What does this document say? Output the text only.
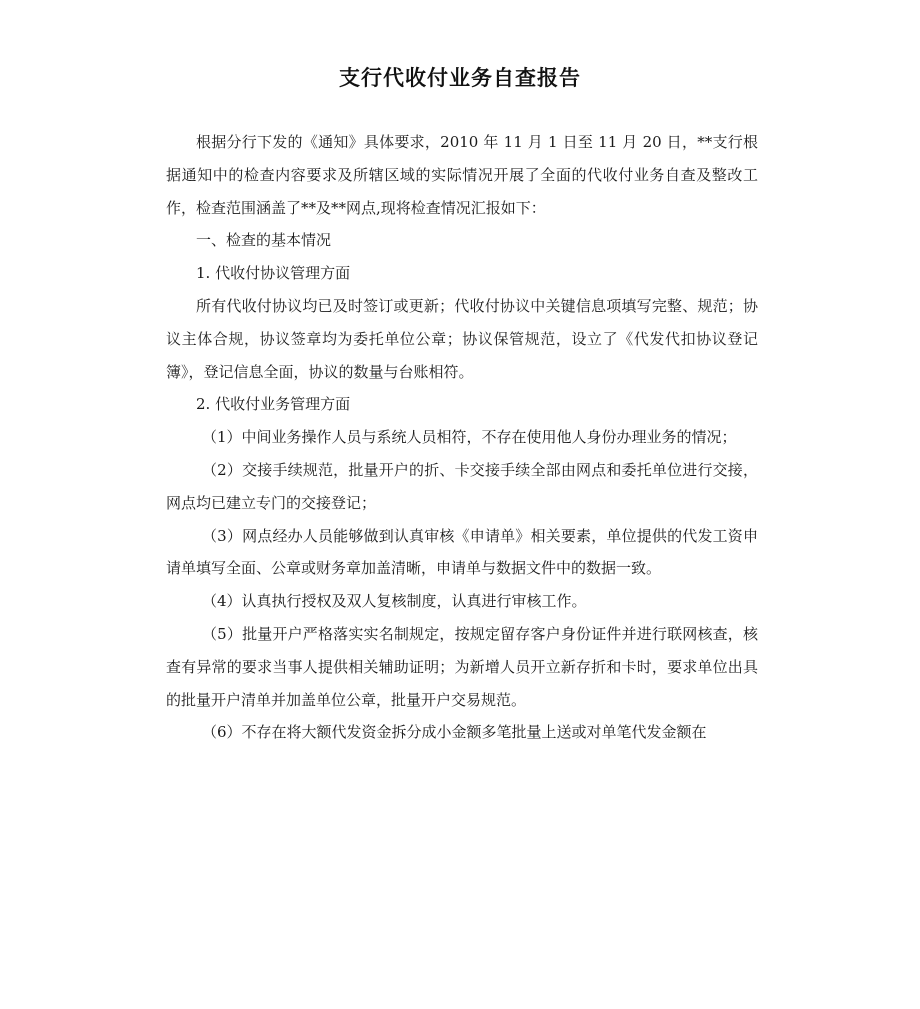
支行代收付业务自查报告

根据分行下发的《通知》具体要求，2010 年 11 月 1 日至 11 月 20 日，**支行根据通知中的检查内容要求及所辖区域的实际情况开展了全面的代收付业务自查及整改工作，检查范围涵盖了**及**网点,现将检查情况汇报如下：

一、检查的基本情况

1. 代收付协议管理方面

所有代收付协议均已及时签订或更新；代收付协议中关键信息项填写完整、规范；协议主体合规，协议签章均为委托单位公章；协议保管规范，设立了《代发代扣协议登记簿》，登记信息全面，协议的数量与台账相符。

2. 代收付业务管理方面

（1）中间业务操作人员与系统人员相符，不存在使用他人身份办理业务的情况；

（2）交接手续规范，批量开户的折、卡交接手续全部由网点和委托单位进行交接，网点均已建立专门的交接登记；

（3）网点经办人员能够做到认真审核《申请单》相关要素，单位提供的代发工资申请单填写全面、公章或财务章加盖清晰，申请单与数据文件中的数据一致。

（4）认真执行授权及双人复核制度，认真进行审核工作。

（5）批量开户严格落实实名制规定，按规定留存客户身份证件并进行联网核查，核查有异常的要求当事人提供相关辅助证明；为新增人员开立新存折和卡时，要求单位出具的批量开户清单并加盖单位公章，批量开户交易规范。

（6）不存在将大额代发资金拆分成小金额多笔批量上送或对单笔代发金额在
